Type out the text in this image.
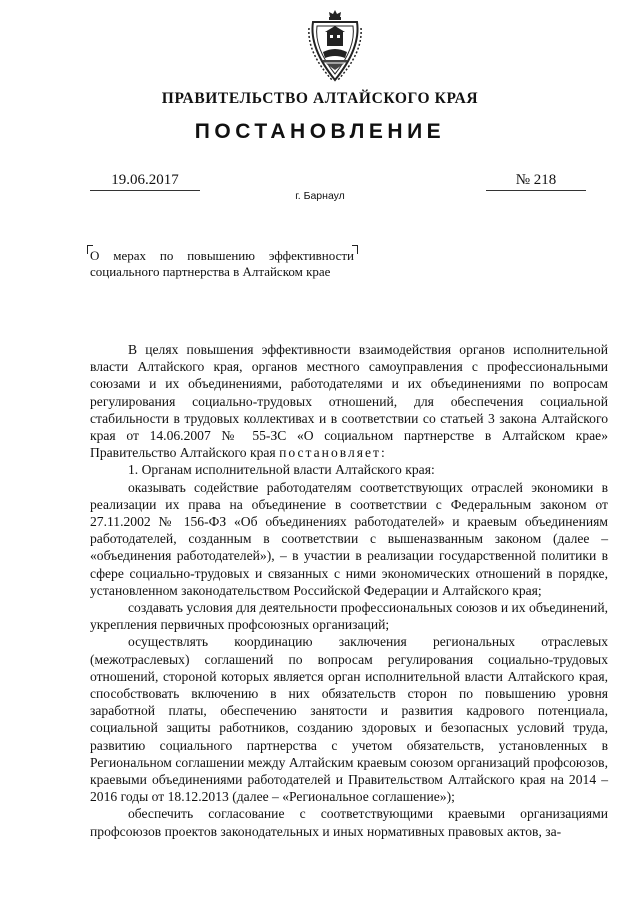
ПРАВИТЕЛЬСТВО АЛТАЙСКОГО КРАЯ
ПОСТАНОВЛЕНИЕ
19.06.2017	№ 218
г. Барнаул
О мерах по повышению эффективности социального партнерства в Алтайском крае

В целях повышения эффективности взаимодействия органов исполнительной власти Алтайского края, органов местного самоуправления с профессиональными союзами и их объединениями, работодателями и их объединениями по вопросам регулирования социально-трудовых отношений, для обеспечения социальной стабильности в трудовых коллективах и в соответствии со статьей 3 закона Алтайского края от 14.06.2007 № 55-ЗС «О социальном партнерстве в Алтайском крае» Правительство Алтайского края постановляет:

1. Органам исполнительной власти Алтайского края:

оказывать содействие работодателям соответствующих отраслей экономики в реализации их права на объединение в соответствии с Федеральным законом от 27.11.2002 № 156-ФЗ «Об объединениях работодателей» и краевым объединениям работодателей, созданным в соответствии с вышеназванным законом (далее – «объединения работодателей»), – в участии в реализации государственной политики в сфере социально-трудовых и связанных с ними экономических отношений в порядке, установленном законодательством Российской Федерации и Алтайского края;

создавать условия для деятельности профессиональных союзов и их объединений, укрепления первичных профсоюзных организаций;

осуществлять координацию заключения региональных отраслевых (межотраслевых) соглашений по вопросам регулирования социально-трудовых отношений, стороной которых является орган исполнительной власти Алтайского края, способствовать включению в них обязательств сторон по повышению уровня заработной платы, обеспечению занятости и развития кадрового потенциала, социальной защиты работников, созданию здоровых и безопасных условий труда, развитию социального партнерства с учетом обязательств, установленных в Региональном соглашении между Алтайским краевым союзом организаций профсоюзов, краевыми объединениями работодателей и Правительством Алтайского края на 2014 – 2016 годы от 18.12.2013 (далее – «Региональное соглашение»);

обеспечить согласование с соответствующими краевыми организациями профсоюзов проектов законодательных и иных нормативных правовых актов, за-
